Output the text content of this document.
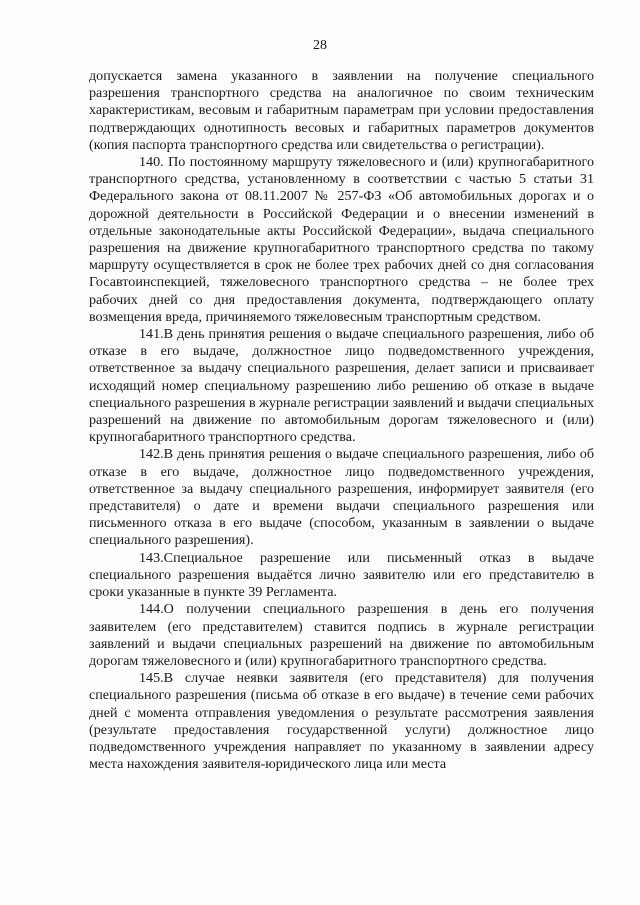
28

допускается замена указанного в заявлении на получение специального разрешения транспортного средства на аналогичное по своим техническим характеристикам, весовым и габаритным параметрам при условии предоставления подтверждающих однотипность весовых и габаритных параметров документов (копия паспорта транспортного средства или свидетельства о регистрации).

140. По постоянному маршруту тяжеловесного и (или) крупногабаритного транспортного средства, установленному в соответствии с частью 5 статьи 31 Федерального закона от 08.11.2007 № 257-ФЗ «Об автомобильных дорогах и о дорожной деятельности в Российской Федерации и о внесении изменений в отдельные законодательные акты Российской Федерации», выдача специального разрешения на движение крупногабаритного транспортного средства по такому маршруту осуществляется в срок не более трех рабочих дней со дня согласования Госавтоинспекцией, тяжеловесного транспортного средства – не более трех рабочих дней со дня предоставления документа, подтверждающего оплату возмещения вреда, причиняемого тяжеловесным транспортным средством.

141.В день принятия решения о выдаче специального разрешения, либо об отказе в его выдаче, должностное лицо подведомственного учреждения, ответственное за выдачу специального разрешения, делает записи и присваивает исходящий номер специальному разрешению либо решению об отказе в выдаче специального разрешения в журнале регистрации заявлений и выдачи специальных разрешений на движение по автомобильным дорогам тяжеловесного и (или) крупногабаритного транспортного средства.

142.В день принятия решения о выдаче специального разрешения, либо об отказе в его выдаче, должностное лицо подведомственного учреждения, ответственное за выдачу специального разрешения, информирует заявителя (его представителя) о дате и времени выдачи специального разрешения или письменного отказа в его выдаче (способом, указанным в заявлении о выдаче специального разрешения).

143.Специальное разрешение или письменный отказ в выдаче специального разрешения выдаётся лично заявителю или его представителю в сроки указанные в пункте 39 Регламента.

144.О получении специального разрешения в день его получения заявителем (его представителем) ставится подпись в журнале регистрации заявлений и выдачи специальных разрешений на движение по автомобильным дорогам тяжеловесного и (или) крупногабаритного транспортного средства.

145.В случае неявки заявителя (его представителя) для получения специального разрешения (письма об отказе в его выдаче) в течение семи рабочих дней с момента отправления уведомления о результате рассмотрения заявления (результате предоставления государственной услуги) должностное лицо подведомственного учреждения направляет по указанному в заявлении адресу места нахождения заявителя-юридического лица или места
